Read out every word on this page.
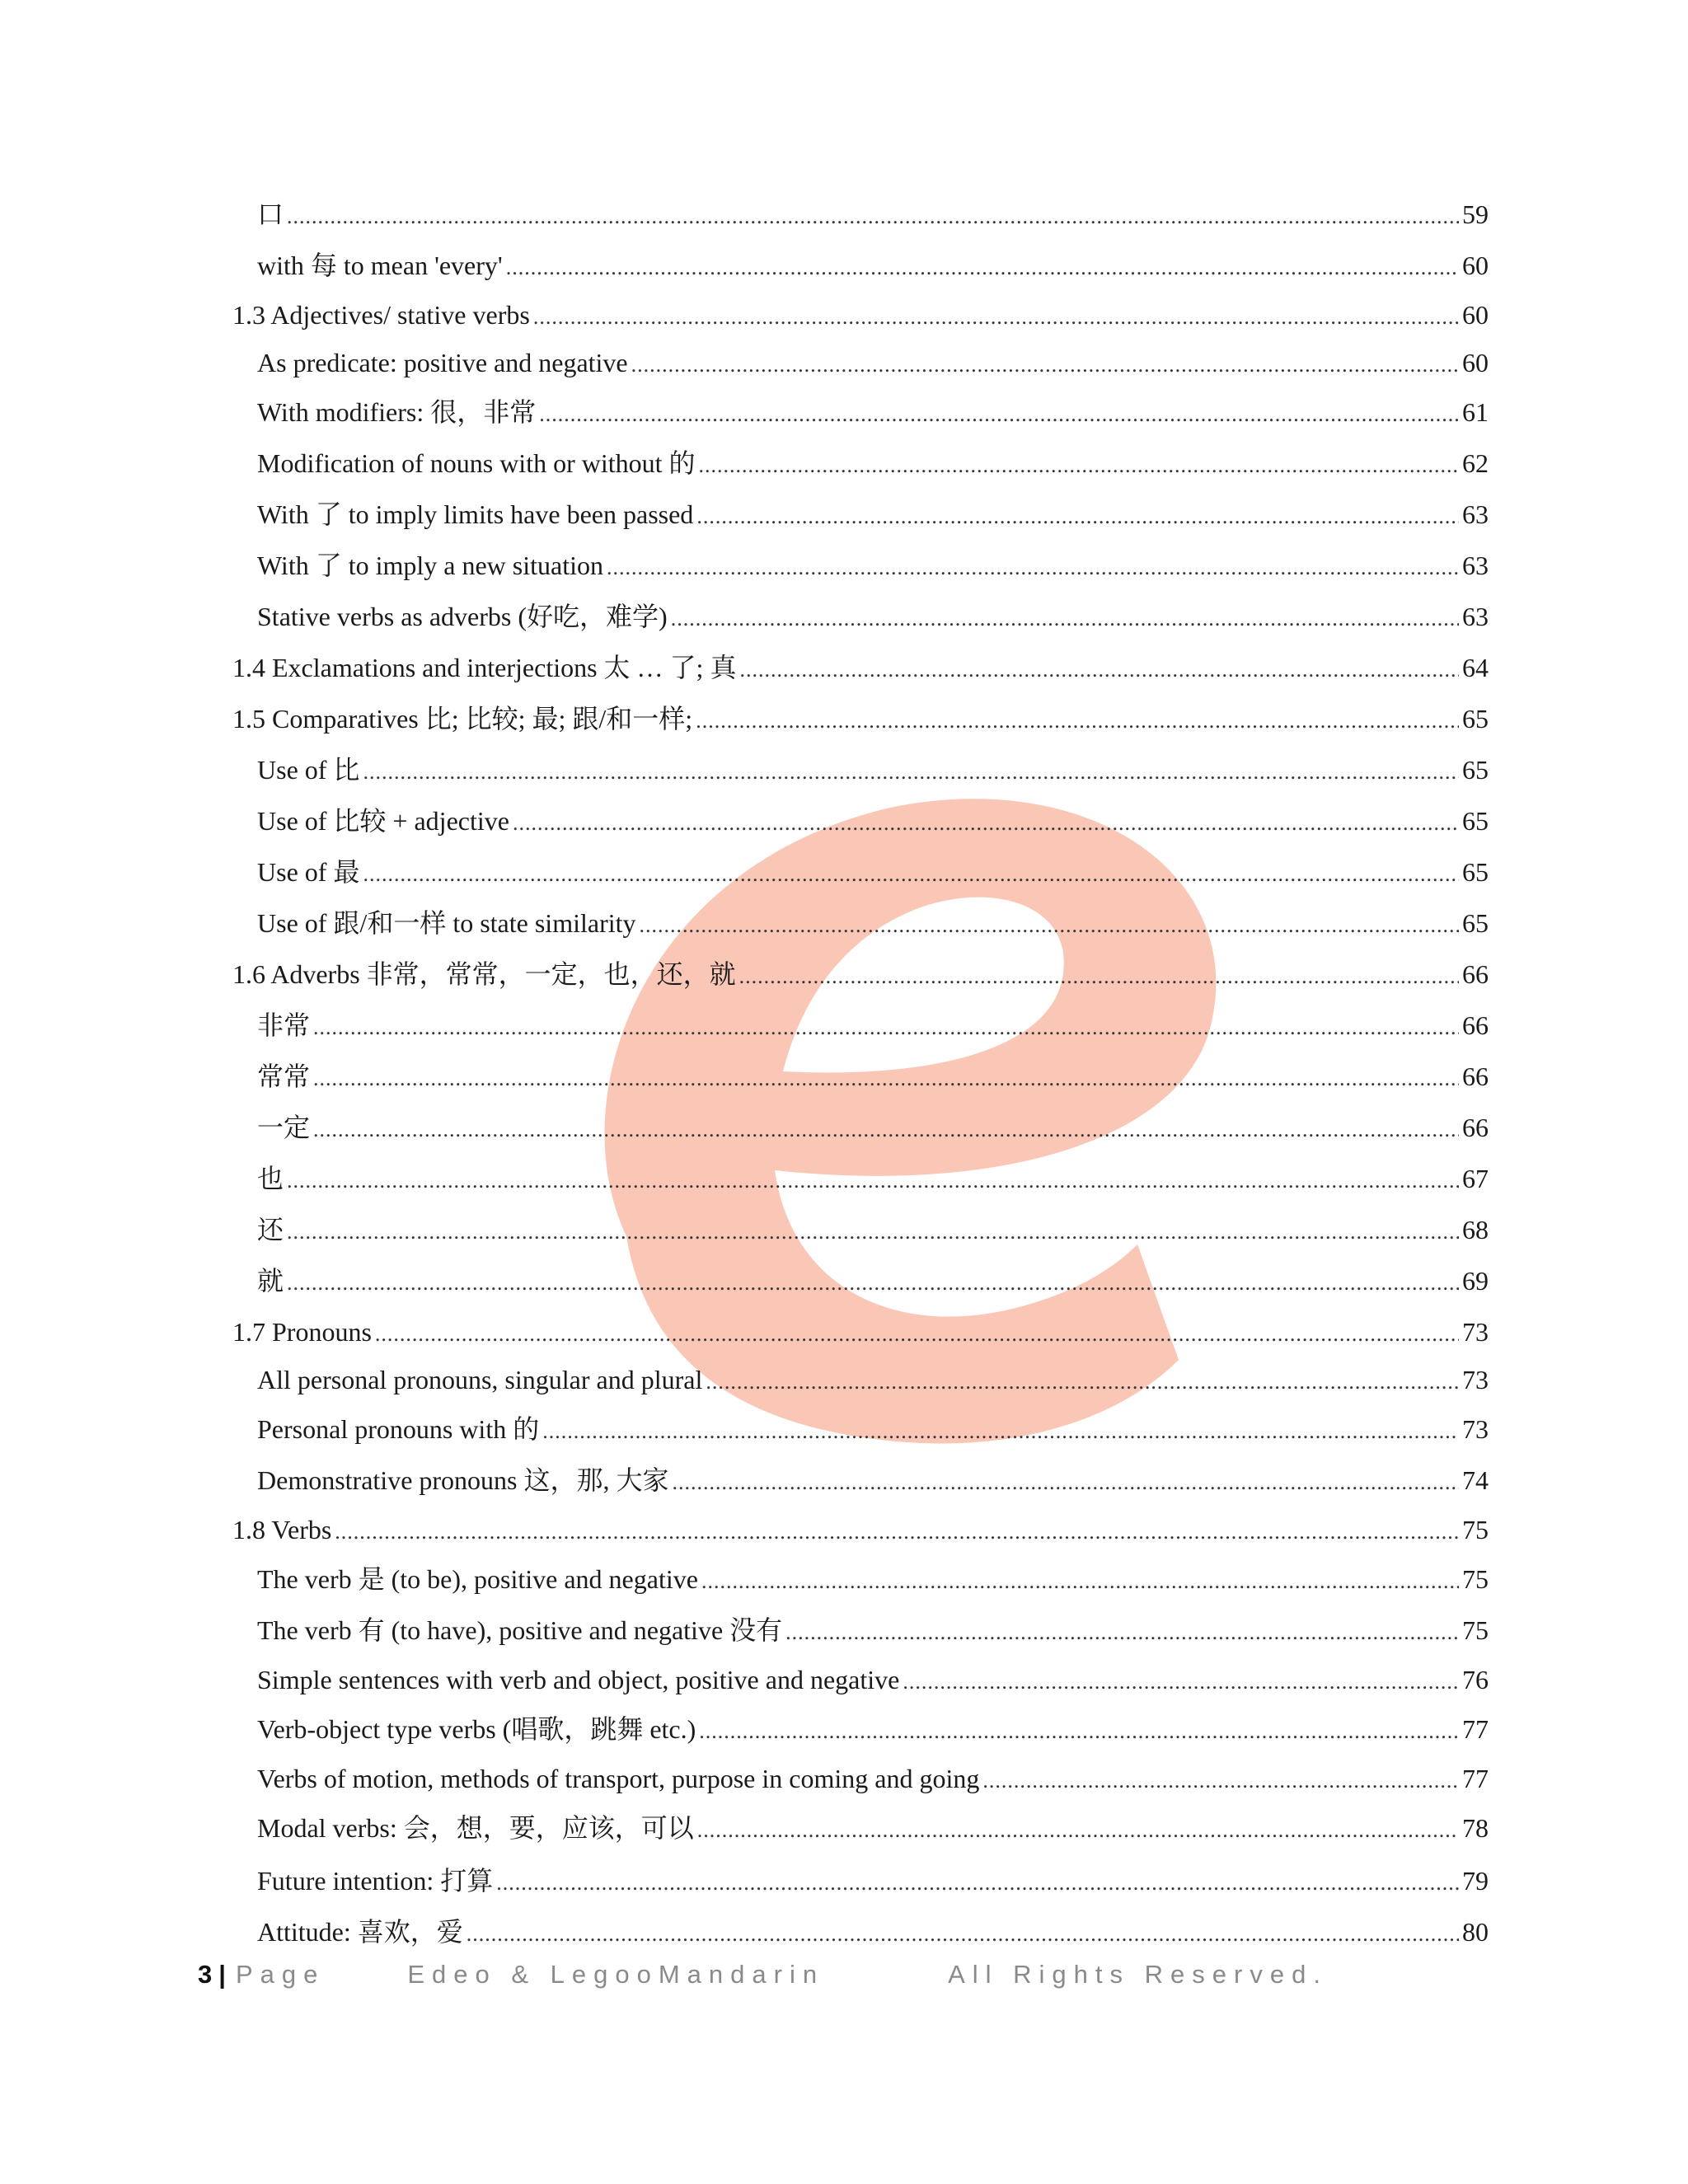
口 .....	59
with 每 to mean 'every' .....	60
1.3 Adjectives/ stative verbs .....	60
As predicate: positive and negative .....	60
With modifiers: 很，非常 .....	61
Modification of nouns with or without 的 .....	62
With 了 to imply limits have been passed .....	63
With 了 to imply a new situation .....	63
Stative verbs as adverbs (好吃，难学) .....	63
1.4 Exclamations and interjections 太 … 了; 真 .....	64
1.5 Comparatives 比; 比较; 最; 跟/和一样; .....	65
Use of 比 .....	65
Use of 比较 + adjective .....	65
Use of 最 .....	65
Use of 跟/和一样 to state similarity .....	65
1.6 Adverbs 非常，常常，一定，也，还，就 .....	66
非常 .....	66
常常 .....	66
一定 .....	66
也 .....	67
还 .....	68
就 .....	69
1.7 Pronouns .....	73
All personal pronouns, singular and plural .....	73
Personal pronouns with 的 .....	73
Demonstrative pronouns 这，那, 大家 .....	74
1.8 Verbs .....	75
The verb 是 (to be), positive and negative .....	75
The verb 有 (to have), positive and negative 没有 .....	75
Simple sentences with verb and object, positive and negative .....	76
Verb-object type verbs (唱歌，跳舞 etc.) .....	77
Verbs of motion, methods of transport, purpose in coming and going .....	77
Modal verbs: 会，想，要，应该，可以 .....	78
Future intention: 打算 .....	79
Attitude: 喜欢，爱 .....	80
3 | Page	Edeo & LegooMandarin	All Rights Reserved.
